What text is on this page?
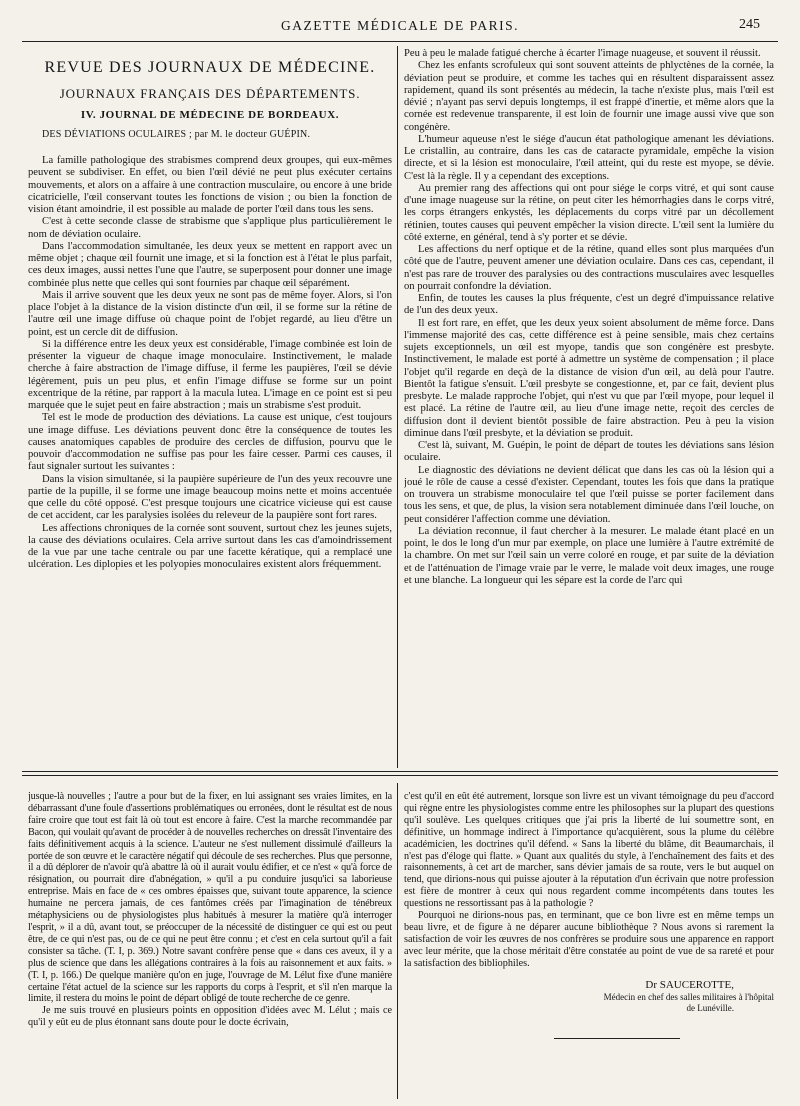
GAZETTE MÉDICALE DE PARIS.	245
REVUE DES JOURNAUX DE MÉDECINE.
JOURNAUX FRANÇAIS DES DÉPARTEMENTS.
IV. JOURNAL DE MÉDECINE DE BORDEAUX.
DES DÉVIATIONS OCULAIRES ; par M. le docteur GUÉPIN.

La famille pathologique des strabismes comprend deux groupes, qui eux-mêmes peuvent se subdiviser. En effet, ou bien l'œil dévié ne peut plus exécuter certains mouvements, et alors on a affaire à une contraction musculaire, ou encore à une bride cicatricielle, l'œil conservant toutes les fonctions de vision ; ou bien la fonction de vision étant amoindrie, il est possible au malade de porter l'œil dans tous les sens.

C'est à cette seconde classe de strabisme que s'applique plus particulièrement le nom de déviation oculaire.

Dans l'accommodation simultanée, les deux yeux se mettent en rapport avec un même objet ; chaque œil fournit une image, et si la fonction est à l'état le plus parfait, ces deux images, aussi nettes l'une que l'autre, se superposent pour donner une image combinée plus nette que celles qui sont fournies par chaque œil séparément.

Mais il arrive souvent que les deux yeux ne sont pas de même foyer. Alors, si l'on place l'objet à la distance de la vision distincte d'un œil, il se forme sur la rétine de l'autre œil une image diffuse où chaque point de l'objet regardé, au lieu d'être un point, est un cercle dit de diffusion.

Si la différence entre les deux yeux est considérable, l'image combinée est loin de présenter la vigueur de chaque image monoculaire. Instinctivement, le malade cherche à faire abstraction de l'image diffuse, il ferme les paupières, l'œil se dévie légèrement, puis un peu plus, et enfin l'image diffuse se forme sur un point excentrique de la rétine, par rapport à la macula lutea. L'image en ce point est si peu marquée que le sujet peut en faire abstraction ; mais un strabisme s'est produit.

Tel est le mode de production des déviations. La cause est unique, c'est toujours une image diffuse. Les déviations peuvent donc être la conséquence de toutes les causes anatomiques capables de produire des cercles de diffusion, pourvu que le pouvoir d'accommodation ne suffise pas pour les faire cesser. Parmi ces causes, il faut signaler surtout les suivantes :

Dans la vision simultanée, si la paupière supérieure de l'un des yeux recouvre une partie de la pupille, il se forme une image beaucoup moins nette et moins accentuée que celle du côté opposé. C'est presque toujours une cicatrice vicieuse qui est cause de cet accident, car les paralysies isolées du releveur de la paupière sont fort rares.

Les affections chroniques de la cornée sont souvent, surtout chez les jeunes sujets, la cause des déviations oculaires. Cela arrive surtout dans les cas d'amoindrissement de la vue par une tache centrale ou par une facette kératique, qui a remplacé une ulcération. Les diplopies et les polyopies monoculaires existent alors fréquemment.

Peu à peu le malade fatigué cherche à écarter l'image nuageuse, et souvent il réussit.

Chez les enfants scrofuleux qui sont souvent atteints de phlyctènes de la cornée, la déviation peut se produire, et comme les taches qui en résultent disparaissent assez rapidement, quand ils sont présentés au médecin, la tache n'existe plus, mais l'œil est dévié ; n'ayant pas servi depuis longtemps, il est frappé d'inertie, et même alors que la cornée est redevenue transparente, il est loin de fournir une image aussi vive que son congénère.

L'humeur aqueuse n'est le siége d'aucun état pathologique amenant les déviations. Le cristallin, au contraire, dans les cas de cataracte pyramidale, empêche la vision directe, et si la lésion est monoculaire, l'œil atteint, qui du reste est myope, se dévie. C'est là la règle. Il y a cependant des exceptions.

Au premier rang des affections qui ont pour siége le corps vitré, et qui sont cause d'une image nuageuse sur la rétine, on peut citer les hémorrhagies dans le corps vitré, les corps étrangers enkystés, les déplacements du corps vitré par un décollement rétinien, toutes causes qui peuvent empêcher la vision directe. L'œil sent la lumière du côté externe, en général, tend à s'y porter et se dévie.

Les affections du nerf optique et de la rétine, quand elles sont plus marquées d'un côté que de l'autre, peuvent amener une déviation oculaire. Dans ces cas, cependant, il n'est pas rare de trouver des paralysies ou des contractions musculaires avec lesquelles on pourrait confondre la déviation.

Enfin, de toutes les causes la plus fréquente, c'est un degré d'impuissance relative de l'un des deux yeux.

Il est fort rare, en effet, que les deux yeux soient absolument de même force. Dans l'immense majorité des cas, cette différence est à peine sensible, mais chez certains sujets exceptionnels, un œil est myope, tandis que son congénère est presbyte. Instinctivement, le malade est porté à admettre un système de compensation ; il place l'objet qu'il regarde en deçà de la distance de vision d'un œil, au delà pour l'autre. Bientôt la fatigue s'ensuit. L'œil presbyte se congestionne, et, par ce fait, devient plus presbyte. Le malade rapproche l'objet, qui n'est vu que par l'œil myope, pour lequel il est placé. La rétine de l'autre œil, au lieu d'une image nette, reçoit des cercles de diffusion dont il devient bientôt possible de faire abstraction. Peu à peu la vision diminue dans l'œil presbyte, et la déviation se produit.

C'est là, suivant, M. Guépin, le point de départ de toutes les déviations sans lésion oculaire.

Le diagnostic des déviations ne devient délicat que dans les cas où la lésion qui a joué le rôle de cause a cessé d'exister. Cependant, toutes les fois que dans la pratique on trouvera un strabisme monoculaire tel que l'œil puisse se porter facilement dans tous les sens, et que, de plus, la vision sera notablement diminuée dans l'œil louche, on peut considérer l'affection comme une déviation.

La déviation reconnue, il faut chercher à la mesurer. Le malade étant placé en un point, le dos le long d'un mur par exemple, on place une lumière à l'autre extrémité de la chambre. On met sur l'œil sain un verre coloré en rouge, et par suite de la déviation et de l'atténuation de l'image vraie par le verre, le malade voit deux images, une rouge et une blanche. La longueur qui les sépare est la corde de l'arc qui

jusque-là nouvelles ; l'autre a pour but de la fixer, en lui assignant ses vraies limites, en la débarrassant d'une foule d'assertions problématiques ou erronées, dont le résultat est de nous faire croire que tout est fait là où tout est encore à faire. C'est la marche recommandée par Bacon, qui voulait qu'avant de procéder à de nouvelles recherches on dressât l'inventaire des faits définitivement acquis à la science. L'auteur ne s'est nullement dissimulé d'ailleurs la portée de son œuvre et le caractère négatif qui découle de ses recherches. Plus que personne, il a dû déplorer de n'avoir qu'à abattre là où il aurait voulu édifier, et ce n'est « qu'à force de résignation, ou pourrait dire d'abnégation, » qu'il a pu conduire jusqu'ici sa laborieuse entreprise. Mais en face de « ces ombres épaisses que, suivant toute apparence, la science humaine ne percera jamais, de ces fantômes créés par l'imagination de ténébreux métaphysiciens ou de physiologistes plus habitués à mesurer la matière qu'à interroger l'esprit, » il a dû, avant tout, se préoccuper de la nécessité de distinguer ce qui est ou peut être, de ce qui n'est pas, ou de ce qui ne peut être connu ; et c'est en cela surtout qu'il a fait consister sa tâche. (T. I, p. 369.) Notre savant confrère pense que « dans ces aveux, il y a plus de science que dans les allégations contraires à la fois au raisonnement et aux faits. » (T. I, p. 166.) De quelque manière qu'on en juge, l'ouvrage de M. Lélut fixe d'une manière certaine l'état actuel de la science sur les rapports du corps à l'esprit, et s'il n'en marque la limite, il restera du moins le point de départ obligé de toute recherche de ce genre.

Je me suis trouvé en plusieurs points en opposition d'idées avec M. Lélut ; mais ce qu'il y eût eu de plus étonnant sans doute pour le docte écrivain,

c'est qu'il en eût été autrement, lorsque son livre est un vivant témoignage du peu d'accord qui règne entre les physiologistes comme entre les philosophes sur la plupart des questions qu'il soulève. Les quelques critiques que j'ai pris la liberté de lui soumettre sont, en définitive, un hommage indirect à l'importance qu'acquièrent, sous la plume du célèbre académicien, les doctrines qu'il défend. « Sans la liberté du blâme, dit Beaumarchais, il n'est pas d'éloge qui flatte. » Quant aux qualités du style, à l'enchaînement des faits et des raisonnements, à cet art de marcher, sans dévier jamais de sa route, vers le but auquel on tend, que dirions-nous qui puisse ajouter à la réputation d'un écrivain que notre profession est fière de montrer à ceux qui nous regardent comme incompétents dans toutes les questions ne ressortissant pas à la pathologie ?

Pourquoi ne dirions-nous pas, en terminant, que ce bon livre est en même temps un beau livre, et de figure à ne déparer aucune bibliothèque ? Nous avons si rarement la satisfaction de voir les œuvres de nos confrères se produire sous une apparence en rapport avec leur mérite, que la chose méritait d'être constatée au point de vue de sa rareté et pour la satisfaction des bibliophiles.

Dr SAUCEROTTE,
Médecin en chef des salles militaires à l'hôpital
de Lunéville.
